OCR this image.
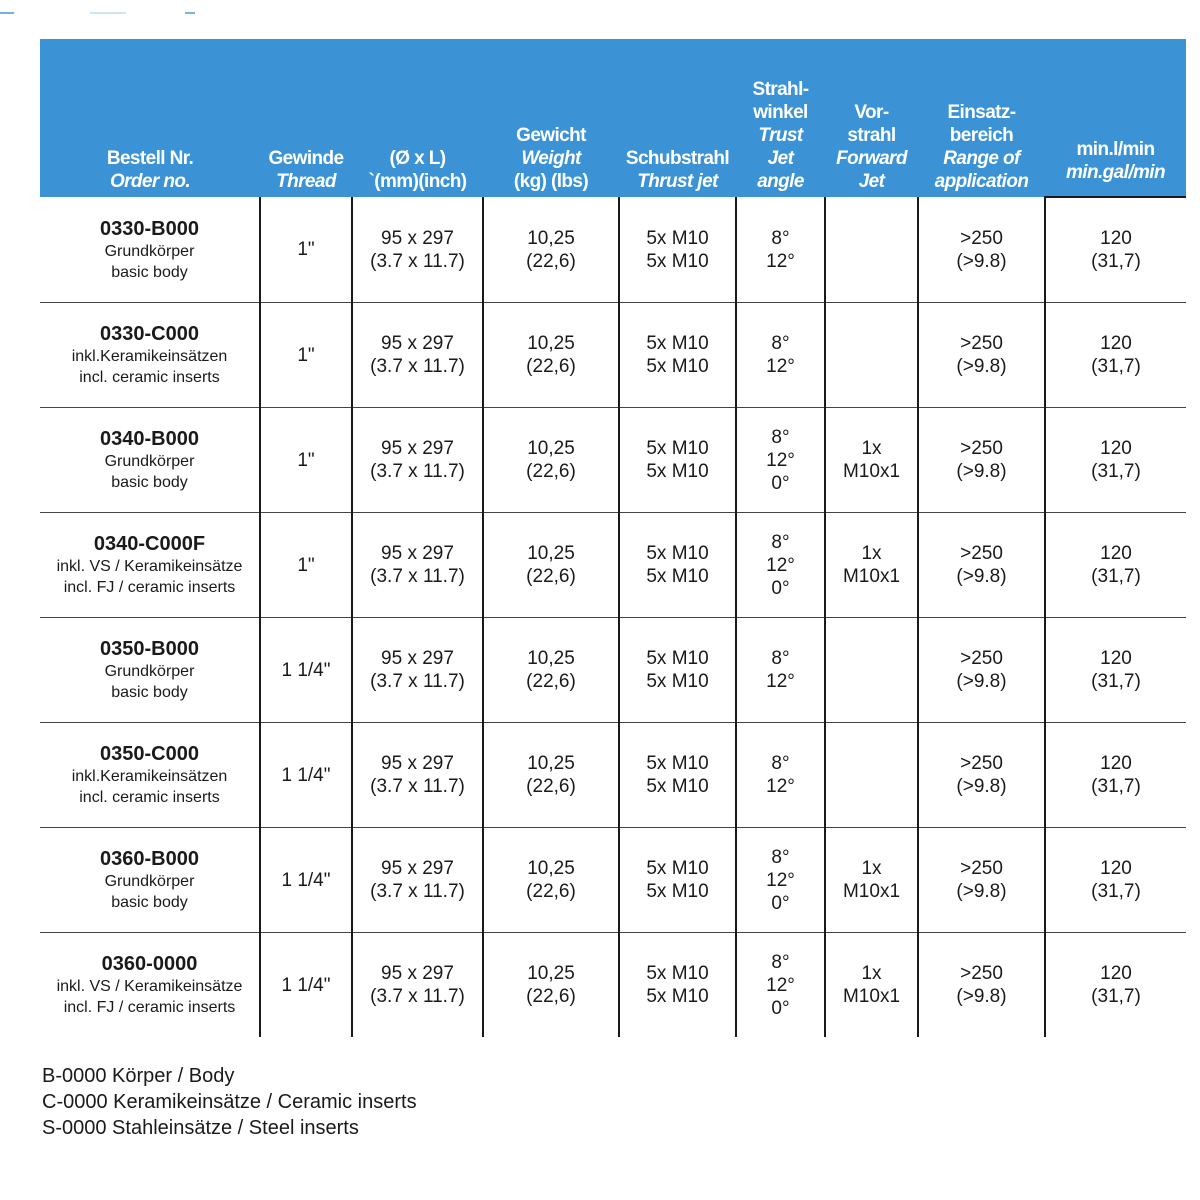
Bestell Nr.
Order no.	Gewinde
Thread	(Ø x L)
`(mm)(inch)	Gewicht
Weight
(kg) (lbs)	Schubstrahl
Thrust jet	Strahl-
winkel
Trust
Jet
angle	Vor-
strahl
Forward
Jet	Einsatz-
bereich
Range of
application	min.l/min
min.gal/min

0330-B000
Grundkörper
basic body	1"	95 x 297
(3.7 x 11.7)	10,25
(22,6)	5x M10
5x M10	8°
12°		>250
(>9.8)	120
(31,7)

0330-C000
inkl.Keramikeinsätzen
incl. ceramic inserts	1"	95 x 297
(3.7 x 11.7)	10,25
(22,6)	5x M10
5x M10	8°
12°		>250
(>9.8)	120
(31,7)

0340-B000
Grundkörper
basic body	1"	95 x 297
(3.7 x 11.7)	10,25
(22,6)	5x M10
5x M10	8°
12°
0°	1x
M10x1	>250
(>9.8)	120
(31,7)

0340-C000F
inkl. VS / Keramikeinsätze
incl. FJ / ceramic inserts	1"	95 x 297
(3.7 x 11.7)	10,25
(22,6)	5x M10
5x M10	8°
12°
0°	1x
M10x1	>250
(>9.8)	120
(31,7)

0350-B000
Grundkörper
basic body	1 1/4"	95 x 297
(3.7 x 11.7)	10,25
(22,6)	5x M10
5x M10	8°
12°		>250
(>9.8)	120
(31,7)

0350-C000
inkl.Keramikeinsätzen
incl. ceramic inserts	1 1/4"	95 x 297
(3.7 x 11.7)	10,25
(22,6)	5x M10
5x M10	8°
12°		>250
(>9.8)	120
(31,7)

0360-B000
Grundkörper
basic body	1 1/4"	95 x 297
(3.7 x 11.7)	10,25
(22,6)	5x M10
5x M10	8°
12°
0°	1x
M10x1	>250
(>9.8)	120
(31,7)

0360-0000
inkl. VS / Keramikeinsätze
incl. FJ / ceramic inserts	1 1/4"	95 x 297
(3.7 x 11.7)	10,25
(22,6)	5x M10
5x M10	8°
12°
0°	1x
M10x1	>250
(>9.8)	120
(31,7)
B-0000 Körper / Body
C-0000 Keramikeinsätze / Ceramic inserts
S-0000 Stahleinsätze / Steel inserts
